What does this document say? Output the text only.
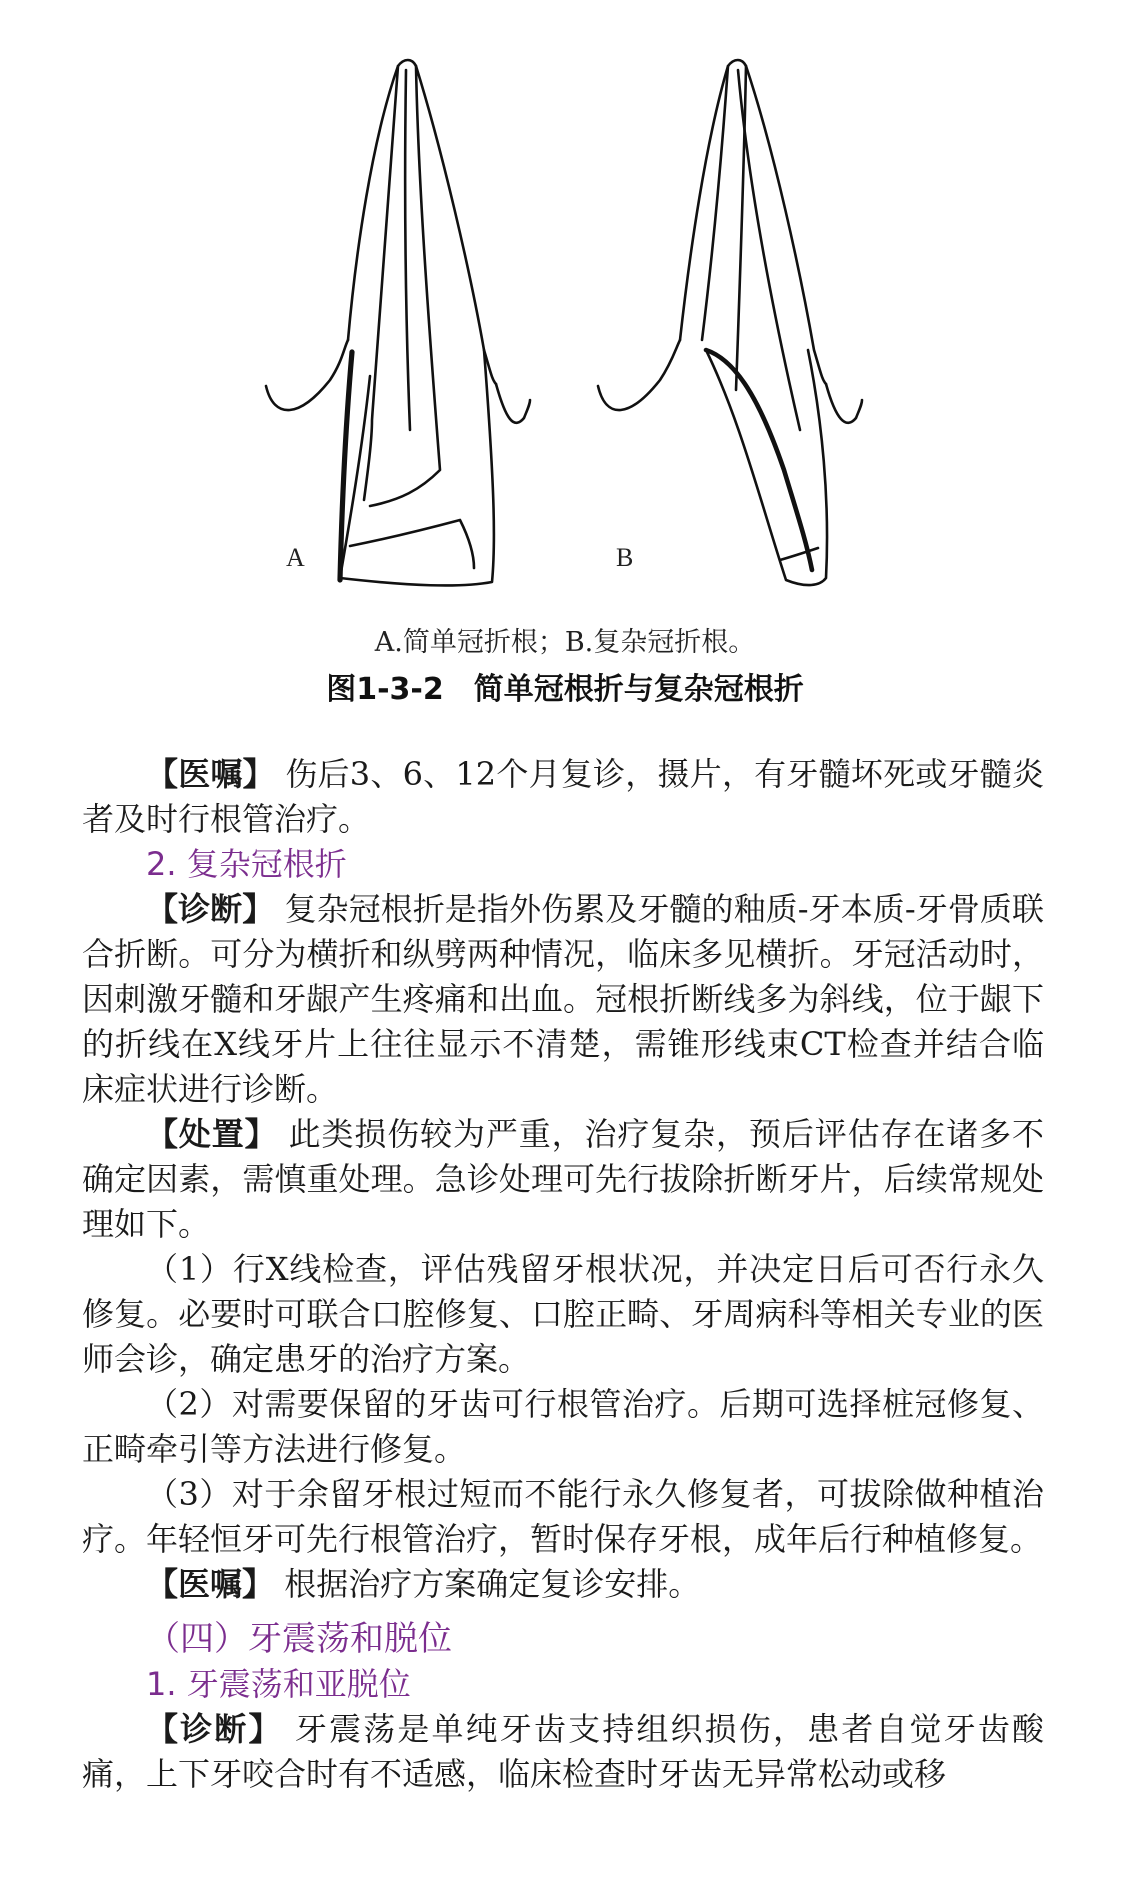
A	B
A.简单冠折根；B.复杂冠折根。
图1-3-2　简单冠根折与复杂冠根折

【医嘱】 伤后3、6、12个月复诊，摄片，有牙髓坏死或牙髓炎者及时行根管治疗。

2. 复杂冠根折

【诊断】 复杂冠根折是指外伤累及牙髓的釉质-牙本质-牙骨质联合折断。可分为横折和纵劈两种情况，临床多见横折。牙冠活动时，因刺激牙髓和牙龈产生疼痛和出血。冠根折断线多为斜线，位于龈下的折线在X线牙片上往往显示不清楚，需锥形线束CT检查并结合临床症状进行诊断。

【处置】 此类损伤较为严重，治疗复杂，预后评估存在诸多不确定因素，需慎重处理。急诊处理可先行拔除折断牙片，后续常规处理如下。

（1）行X线检查，评估残留牙根状况，并决定日后可否行永久修复。必要时可联合口腔修复、口腔正畸、牙周病科等相关专业的医师会诊，确定患牙的治疗方案。

（2）对需要保留的牙齿可行根管治疗。后期可选择桩冠修复、正畸牵引等方法进行修复。

（3）对于余留牙根过短而不能行永久修复者，可拔除做种植治疗。年轻恒牙可先行根管治疗，暂时保存牙根，成年后行种植修复。

【医嘱】 根据治疗方案确定复诊安排。

（四）牙震荡和脱位

1. 牙震荡和亚脱位

【诊断】 牙震荡是单纯牙齿支持组织损伤，患者自觉牙齿酸痛，上下牙咬合时有不适感，临床检查时牙齿无异常松动或移
